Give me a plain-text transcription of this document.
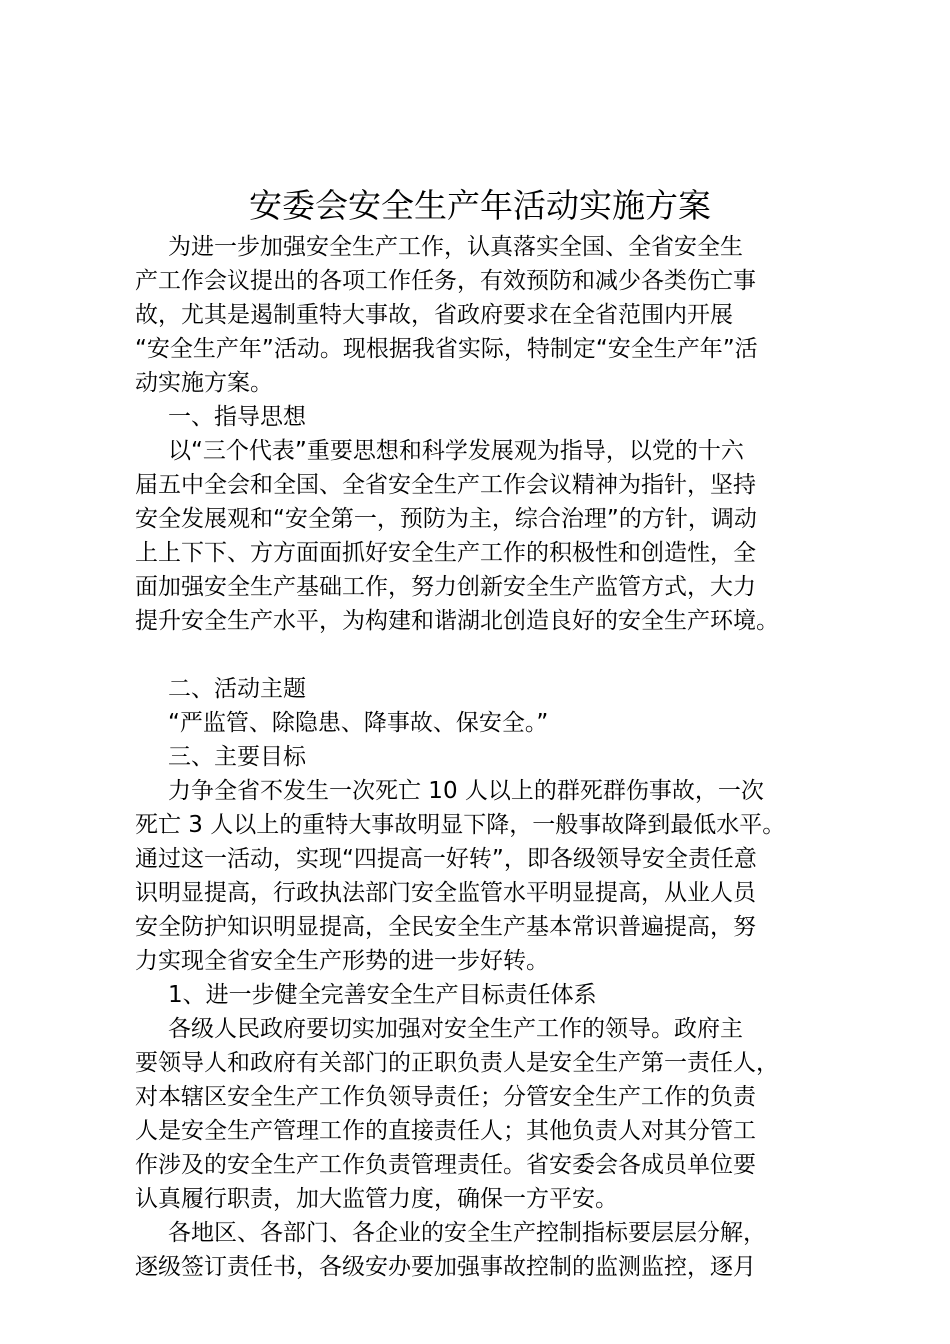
安委会安全生产年活动实施方案
为进一步加强安全生产工作，认真落实全国、全省安全生
产工作会议提出的各项工作任务，有效预防和减少各类伤亡事
故，尤其是遏制重特大事故，省政府要求在全省范围内开展
“安全生产年”活动。现根据我省实际，特制定“安全生产年”活
动实施方案。
一、指导思想
以“三个代表”重要思想和科学发展观为指导，以党的十六
届五中全会和全国、全省安全生产工作会议精神为指针，坚持
安全发展观和“安全第一，预防为主，综合治理”的方针，调动
上上下下、方方面面抓好安全生产工作的积极性和创造性，全
面加强安全生产基础工作，努力创新安全生产监管方式，大力
提升安全生产水平，为构建和谐湖北创造良好的安全生产环境。
二、活动主题
“严监管、除隐患、降事故、保安全。”
三、主要目标
力争全省不发生一次死亡 10 人以上的群死群伤事故，一次
死亡 3 人以上的重特大事故明显下降，一般事故降到最低水平。
通过这一活动，实现“四提高一好转”，即各级领导安全责任意
识明显提高，行政执法部门安全监管水平明显提高，从业人员
安全防护知识明显提高，全民安全生产基本常识普遍提高，努
力实现全省安全生产形势的进一步好转。
1、进一步健全完善安全生产目标责任体系
各级人民政府要切实加强对安全生产工作的领导。政府主
要领导人和政府有关部门的正职负责人是安全生产第一责任人，
对本辖区安全生产工作负领导责任；分管安全生产工作的负责
人是安全生产管理工作的直接责任人；其他负责人对其分管工
作涉及的安全生产工作负责管理责任。省安委会各成员单位要
认真履行职责，加大监管力度，确保一方平安。
各地区、各部门、各企业的安全生产控制指标要层层分解，
逐级签订责任书，各级安办要加强事故控制的监测监控，逐月
